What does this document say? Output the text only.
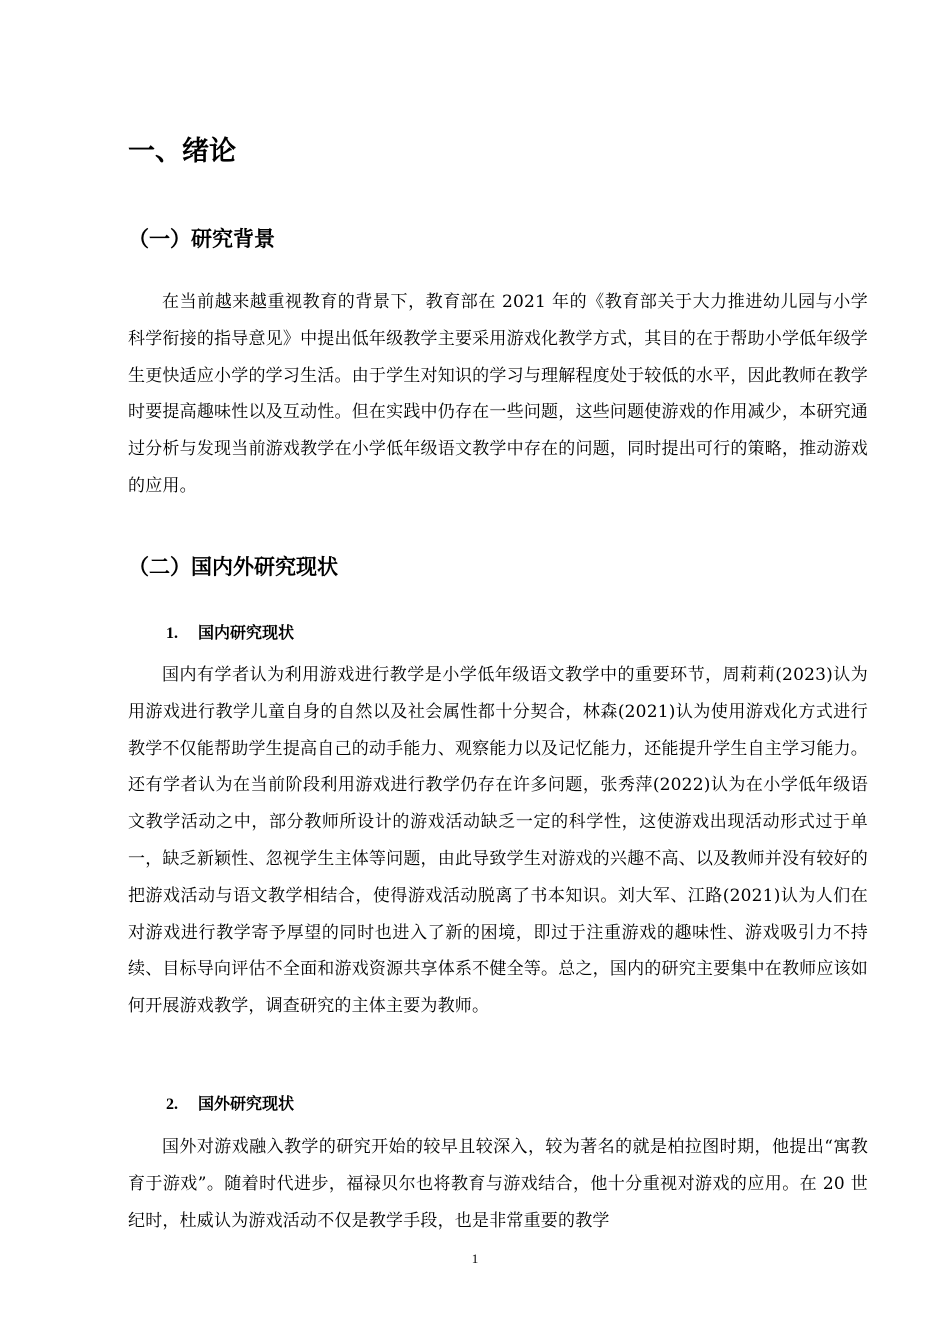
一、绪论
（一）研究背景

在当前越来越重视教育的背景下，教育部在 2021 年的《教育部关于大力推进幼儿园与小学科学衔接的指导意见》中提出低年级教学主要采用游戏化教学方式，其目的在于帮助小学低年级学生更快适应小学的学习生活。由于学生对知识的学习与理解程度处于较低的水平，因此教师在教学时要提高趣味性以及互动性。但在实践中仍存在一些问题，这些问题使游戏的作用减少，本研究通过分析与发现当前游戏教学在小学低年级语文教学中存在的问题，同时提出可行的策略，推动游戏的应用。

（二）国内外研究现状
1. 国内研究现状

国内有学者认为利用游戏进行教学是小学低年级语文教学中的重要环节，周莉莉(2023)认为用游戏进行教学儿童自身的自然以及社会属性都十分契合，林森(2021)认为使用游戏化方式进行教学不仅能帮助学生提高自己的动手能力、观察能力以及记忆能力，还能提升学生自主学习能力。还有学者认为在当前阶段利用游戏进行教学仍存在许多问题，张秀萍(2022)认为在小学低年级语文教学活动之中，部分教师所设计的游戏活动缺乏一定的科学性，这使游戏出现活动形式过于单一，缺乏新颖性、忽视学生主体等问题，由此导致学生对游戏的兴趣不高、以及教师并没有较好的把游戏活动与语文教学相结合，使得游戏活动脱离了书本知识。刘大军、江路(2021)认为人们在对游戏进行教学寄予厚望的同时也进入了新的困境，即过于注重游戏的趣味性、游戏吸引力不持续、目标导向评估不全面和游戏资源共享体系不健全等。总之，国内的研究主要集中在教师应该如何开展游戏教学，调查研究的主体主要为教师。

2. 国外研究现状

国外对游戏融入教学的研究开始的较早且较深入，较为著名的就是柏拉图时期，他提出“寓教育于游戏”。随着时代进步，福禄贝尔也将教育与游戏结合，他十分重视对游戏的应用。在 20 世纪时，杜威认为游戏活动不仅是教学手段，也是非常重要的教学

1
